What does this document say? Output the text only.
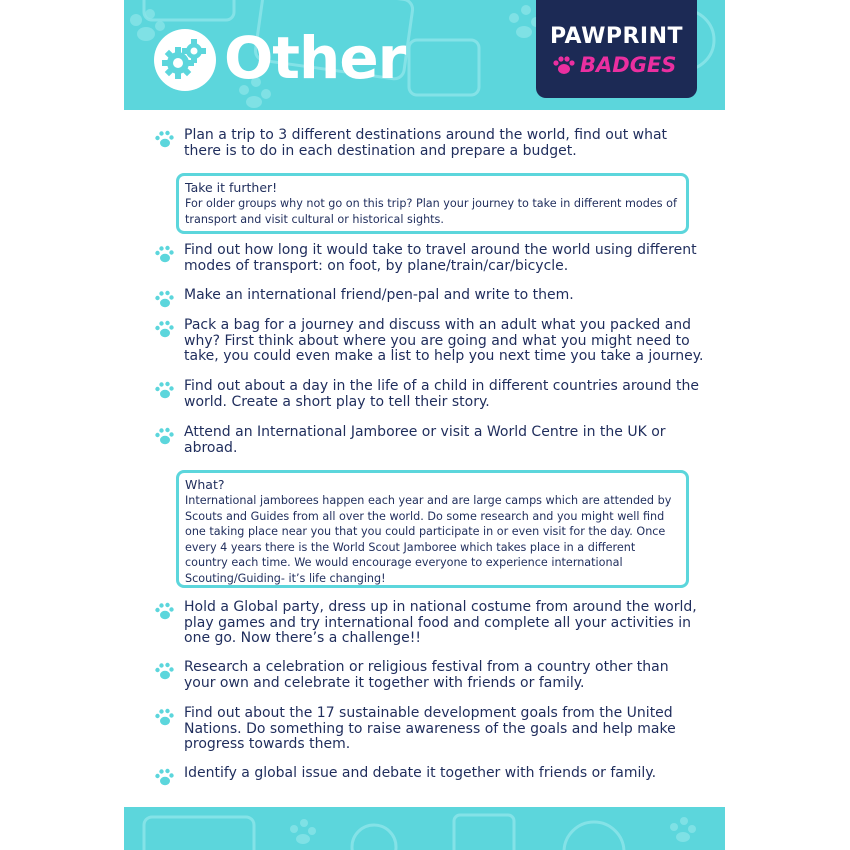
Other	PAWPRINT
BADGES
Plan a trip to 3 different destinations around the world, find out what there is to do in each destination and prepare a budget.
Take it further!
For older groups why not go on this trip? Plan your journey to take in different modes of transport and visit cultural or historical sights.
Find out how long it would take to travel around the world using different modes of transport: on foot, by plane/train/car/bicycle.
Make an international friend/pen-pal and write to them.
Pack a bag for a journey and discuss with an adult what you packed and why? First think about where you are going and what you might need to take, you could even make a list to help you next time you take a journey.
Find out about a day in the life of a child in different countries around the world. Create a short play to tell their story.
Attend an International Jamboree or visit a World Centre in the UK or abroad.
What?
International jamborees happen each year and are large camps which are attended by Scouts and Guides from all over the world. Do some research and you might well find one taking place near you that you could participate in or even visit for the day. Once every 4 years there is the World Scout Jamboree which takes place in a different country each time. We would encourage everyone to experience international Scouting/Guiding- it’s life changing!
Hold a Global party, dress up in national costume from around the world, play games and try international food and complete all your activities in one go. Now there’s a challenge!!
Research a celebration or religious festival from a country other than your own and celebrate it together with friends or family.
Find out about the 17 sustainable development goals from the United Nations. Do something to raise awareness of the goals and help make progress towards them.
Identify a global issue and debate it together with friends or family.
